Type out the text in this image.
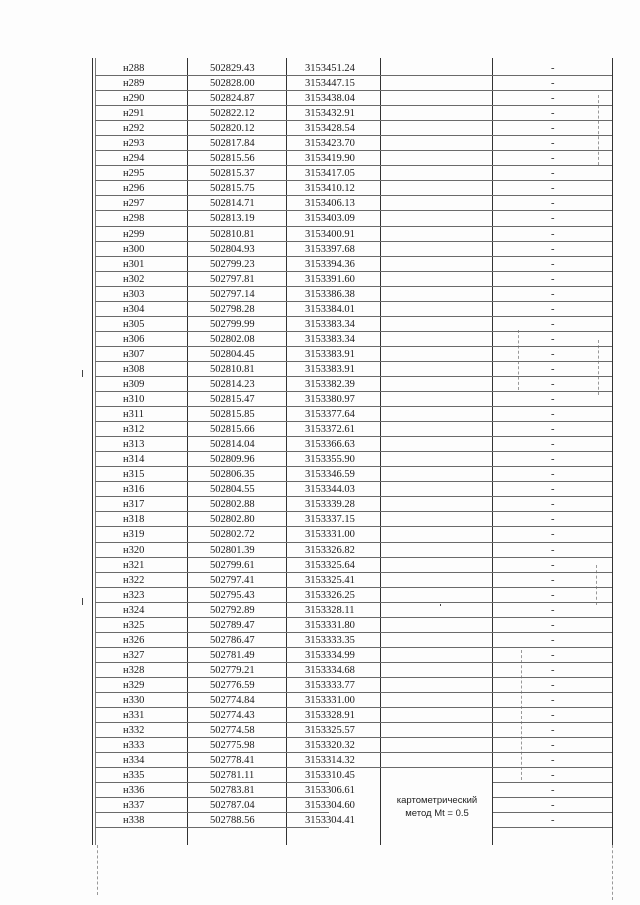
н288	502829.43	3153451.24	-
н289	502828.00	3153447.15	-
н290	502824.87	3153438.04	-
н291	502822.12	3153432.91	-
н292	502820.12	3153428.54	-
н293	502817.84	3153423.70	-
н294	502815.56	3153419.90	-
н295	502815.37	3153417.05	-
н296	502815.75	3153410.12	-
н297	502814.71	3153406.13	-
н298	502813.19	3153403.09	-
н299	502810.81	3153400.91	-
н300	502804.93	3153397.68	-
н301	502799.23	3153394.36	-
н302	502797.81	3153391.60	-
н303	502797.14	3153386.38	-
н304	502798.28	3153384.01	-
н305	502799.99	3153383.34	-
н306	502802.08	3153383.34	-
н307	502804.45	3153383.91	-
н308	502810.81	3153383.91	-
н309	502814.23	3153382.39	-
н310	502815.47	3153380.97	-
н311	502815.85	3153377.64	-
н312	502815.66	3153372.61	-
н313	502814.04	3153366.63	-
н314	502809.96	3153355.90	-
н315	502806.35	3153346.59	-
н316	502804.55	3153344.03	-
н317	502802.88	3153339.28	-
н318	502802.80	3153337.15	-
н319	502802.72	3153331.00	-
н320	502801.39	3153326.82	-
н321	502799.61	3153325.64	-
н322	502797.41	3153325.41	-
н323	502795.43	3153326.25	-
н324	502792.89	3153328.11	-
н325	502789.47	3153331.80	-
н326	502786.47	3153333.35	-
н327	502781.49	3153334.99	-
н328	502779.21	3153334.68	-
н329	502776.59	3153333.77	-
н330	502774.84	3153331.00	-
н331	502774.43	3153328.91	-
н332	502774.58	3153325.57	-
н333	502775.98	3153320.32	-
н334	502778.41	3153314.32	-
н335	502781.11	3153310.45	-
н336	502783.81	3153306.61	-
н337	502787.04	3153304.60	-
н338	502788.56	3153304.41	-
картометрический
метод Mt = 0.5
